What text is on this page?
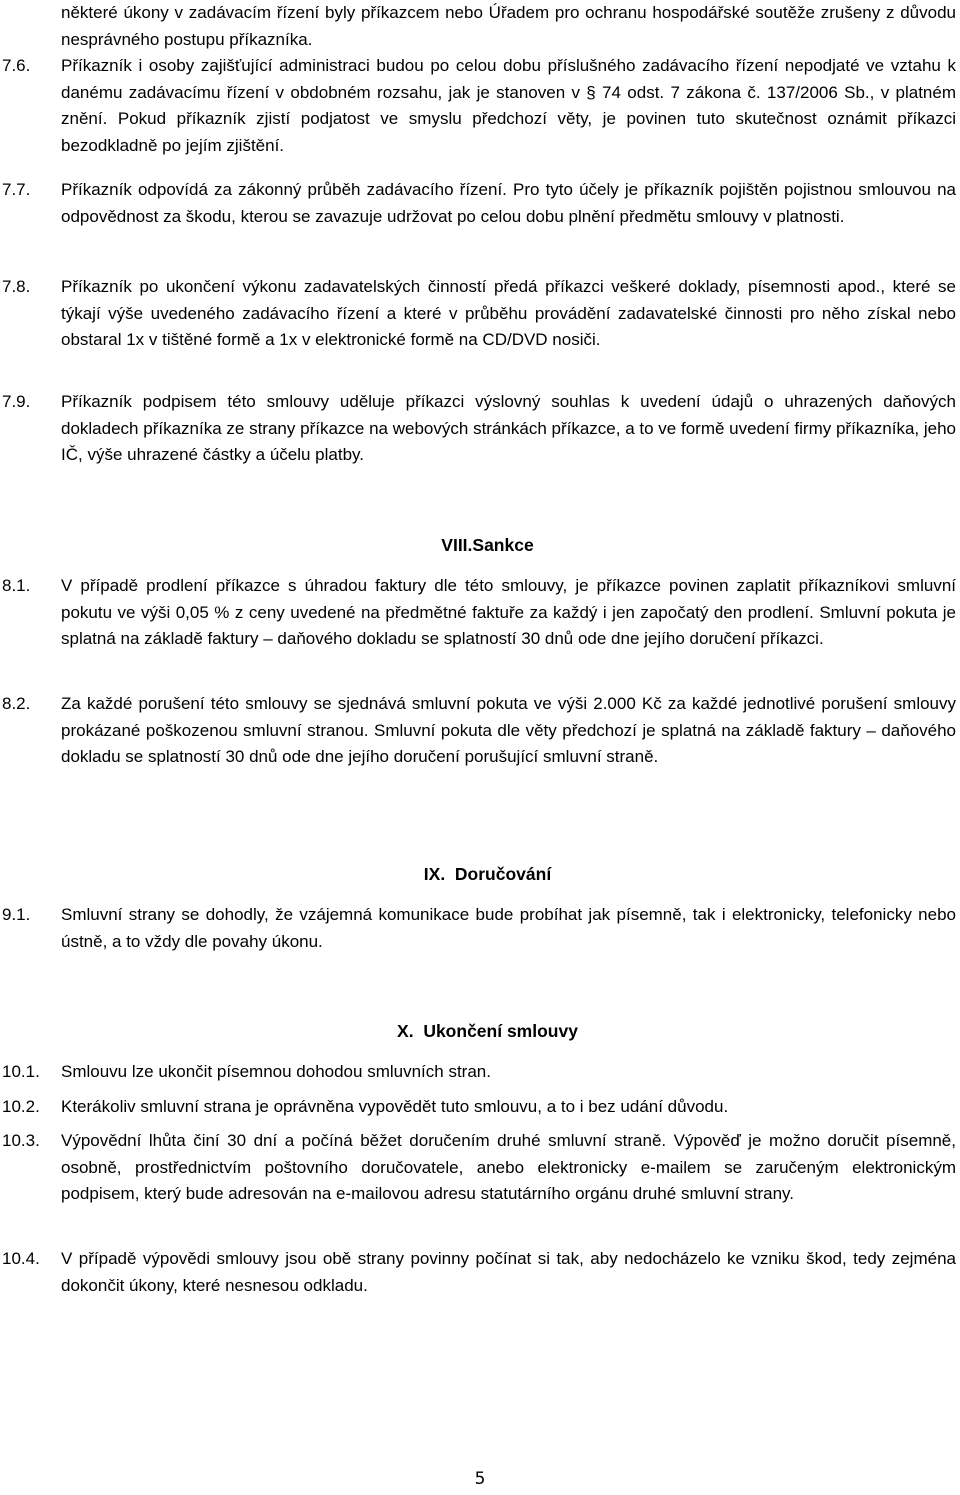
některé úkony v zadávacím řízení byly příkazcem nebo Úřadem pro ochranu hospodářské soutěže zrušeny z důvodu nesprávného postupu příkazníka.
7.6. Příkazník i osoby zajišťující administraci budou po celou dobu příslušného zadávacího řízení nepodjaté ve vztahu k danému zadávacímu řízení v obdobném rozsahu, jak je stanoven v § 74 odst. 7 zákona č. 137/2006 Sb., v platném znění. Pokud příkazník zjistí podjatost ve smyslu předchozí věty, je povinen tuto skutečnost oznámit příkazci bezodkladně po jejím zjištění.
7.7. Příkazník odpovídá za zákonný průběh zadávacího řízení. Pro tyto účely je příkazník pojištěn pojistnou smlouvou na odpovědnost za škodu, kterou se zavazuje udržovat po celou dobu plnění předmětu smlouvy v platnosti.
7.8. Příkazník po ukončení výkonu zadavatelských činností předá příkazci veškeré doklady, písemnosti apod., které se týkají výše uvedeného zadávacího řízení a které v průběhu provádění zadavatelské činnosti pro něho získal nebo obstaral 1x v tištěné formě a 1x v elektronické formě na CD/DVD nosiči.
7.9. Příkazník podpisem této smlouvy uděluje příkazci výslovný souhlas k uvedení údajů o uhrazených daňových dokladech příkazníka ze strany příkazce na webových stránkách příkazce, a to ve formě uvedení firmy příkazníka, jeho IČ, výše uhrazené částky a účelu platby.
VIII.Sankce
8.1. V případě prodlení příkazce s úhradou faktury dle této smlouvy, je příkazce povinen zaplatit příkazníkovi smluvní pokutu ve výši 0,05 % z ceny uvedené na předmětné faktuře za každý i jen započatý den prodlení. Smluvní pokuta je splatná na základě faktury – daňového dokladu se splatností 30 dnů ode dne jejího doručení příkazci.
8.2. Za každé porušení této smlouvy se sjednává smluvní pokuta ve výši 2.000 Kč za každé jednotlivé porušení smlouvy prokázané poškozenou smluvní stranou. Smluvní pokuta dle věty předchozí je splatná na základě faktury – daňového dokladu se splatností 30 dnů ode dne jejího doručení porušující smluvní straně.
IX. Doručování
9.1. Smluvní strany se dohodly, že vzájemná komunikace bude probíhat jak písemně, tak i elektronicky, telefonicky nebo ústně, a to vždy dle povahy úkonu.
X. Ukončení smlouvy
10.1. Smlouvu lze ukončit písemnou dohodou smluvních stran.
10.2. Kterákoliv smluvní strana je oprávněna vypovědět tuto smlouvu, a to i bez udání důvodu.
10.3. Výpovědní lhůta činí 30 dní a počíná běžet doručením druhé smluvní straně. Výpověď je možno doručit písemně, osobně, prostřednictvím poštovního doručovatele, anebo elektronicky e-mailem se zaručeným elektronickým podpisem, který bude adresován na e-mailovou adresu statutárního orgánu druhé smluvní strany.
10.4. V případě výpovědi smlouvy jsou obě strany povinny počínat si tak, aby nedocházelo ke vzniku škod, tedy zejména dokončit úkony, které nesnesou odkladu.
5
